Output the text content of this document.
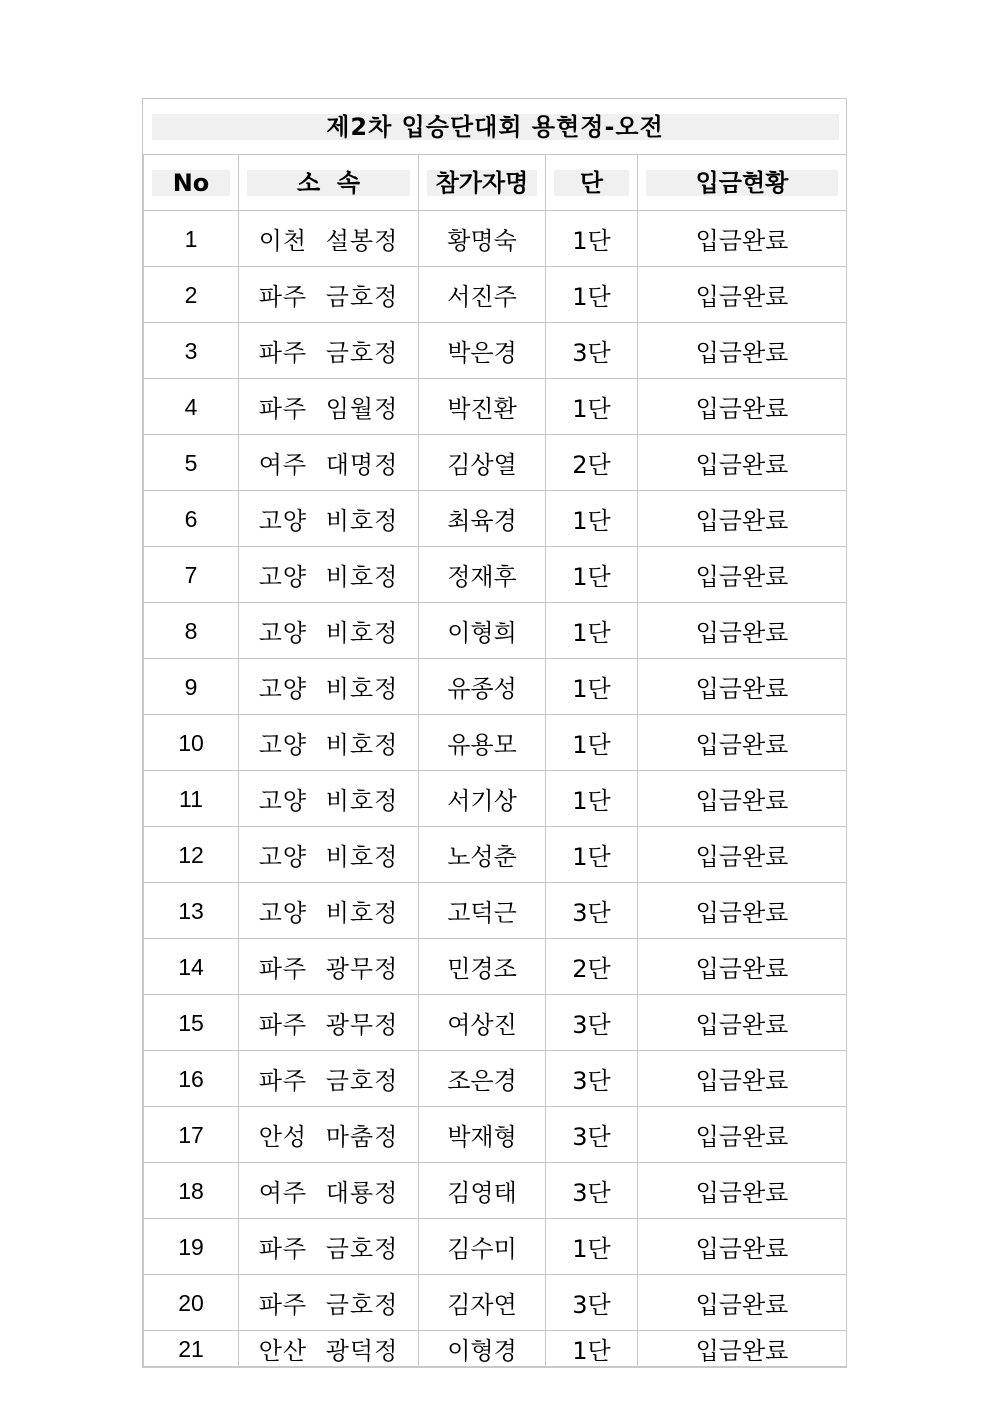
제2차 입승단대회 용현정-오전				

No	소  속	참가자명	단	입금현황

1	이천 설봉정	황명숙	1단	입금완료
2	파주 금호정	서진주	1단	입금완료
3	파주 금호정	박은경	3단	입금완료
4	파주 임월정	박진환	1단	입금완료
5	여주 대명정	김상열	2단	입금완료
6	고양 비호정	최육경	1단	입금완료
7	고양 비호정	정재후	1단	입금완료
8	고양 비호정	이형희	1단	입금완료
9	고양 비호정	유종성	1단	입금완료
10	고양 비호정	유용모	1단	입금완료
11	고양 비호정	서기상	1단	입금완료
12	고양 비호정	노성춘	1단	입금완료
13	고양 비호정	고덕근	3단	입금완료
14	파주 광무정	민경조	2단	입금완료
15	파주 광무정	여상진	3단	입금완료
16	파주 금호정	조은경	3단	입금완료
17	안성 마춤정	박재형	3단	입금완료
18	여주 대룡정	김영태	3단	입금완료
19	파주 금호정	김수미	1단	입금완료
20	파주 금호정	김자연	3단	입금완료
21	안산 광덕정	이형경	1단	입금완료
